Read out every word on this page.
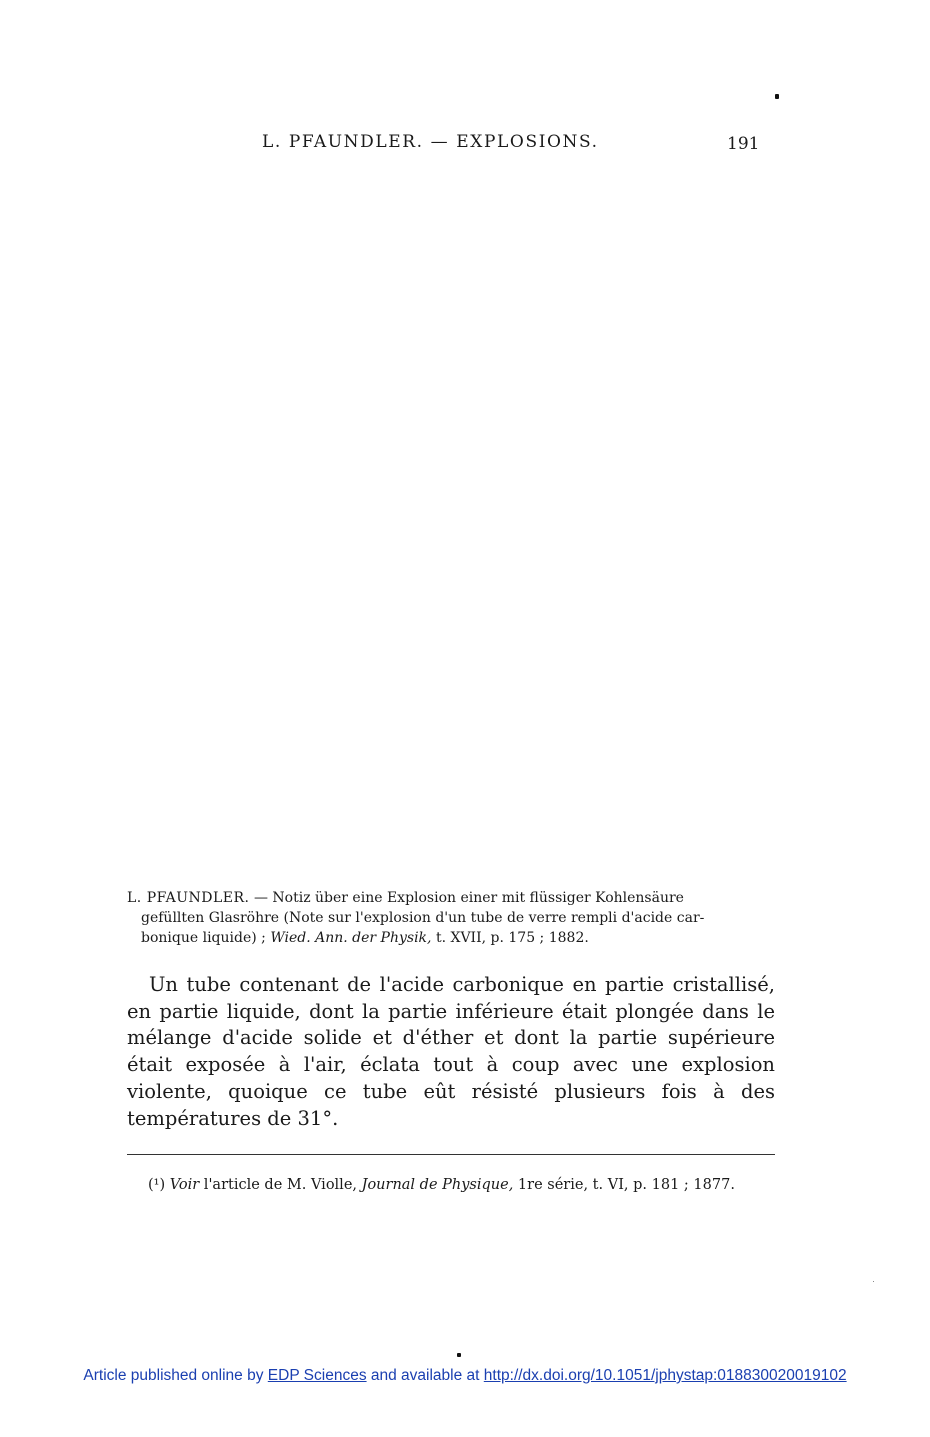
L. PFAUNDLER. — EXPLOSIONS.	191

L. PFAUNDLER. — Notiz über eine Explosion einer mit flüssiger Kohlensäure

gefüllten Glasröhre (Note sur l'explosion d'un tube de verre rempli d'acide car-

bonique liquide) ; Wied. Ann. der Physik, t. XVII, p. 175 ; 1882.

Un tube contenant de l'acide carbonique en partie cristallisé, en partie liquide, dont la partie inférieure était plongée dans le mélange d'acide solide et d'éther et dont la partie supérieure était exposée à l'air, éclata tout à coup avec une explosion violente, quoique ce tube eût résisté plusieurs fois à des températures de 31°.

(¹) Voir l'article de M. Violle, Journal de Physique, 1re série, t. VI, p. 181 ; 1877.
Article published online by EDP Sciences and available at http://dx.doi.org/10.1051/jphystap:018830020019102
